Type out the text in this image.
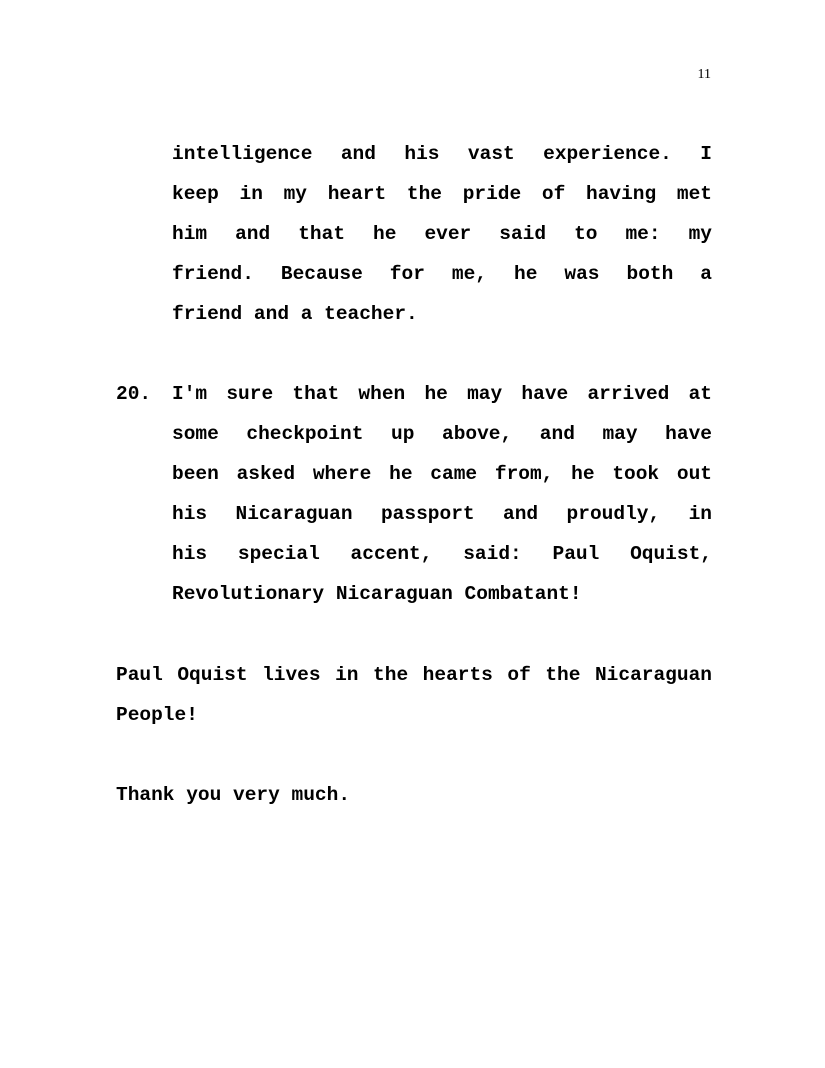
11
intelligence and his vast experience. I
keep in my heart the pride of having met
him and that he ever said to me: my
friend. Because for me, he was both a
friend and a teacher.
20. I'm sure that when he may have arrived at
some checkpoint up above, and may have
been asked where he came from, he took out
his Nicaraguan passport and proudly, in
his special accent, said: Paul Oquist,
Revolutionary Nicaraguan Combatant!
Paul Oquist lives in the hearts of the Nicaraguan
People!
Thank you very much.
